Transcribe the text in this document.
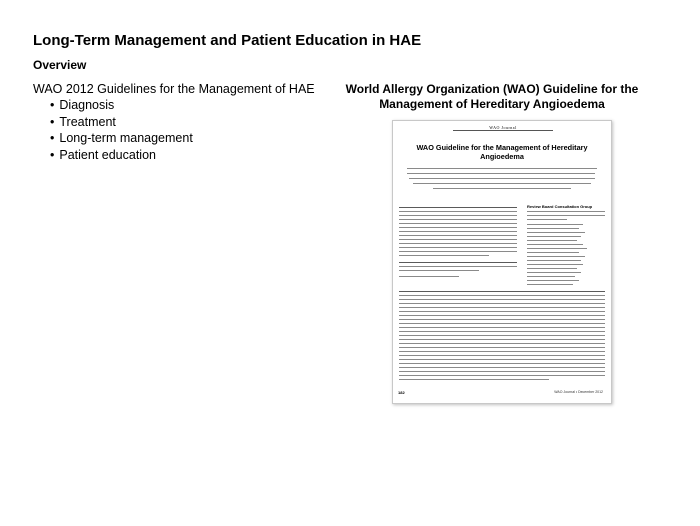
Long-Term Management and Patient Education in HAE
Overview
WAO 2012 Guidelines for the Management of HAE
• Diagnosis
• Treatment
• Long-term management
• Patient education
World Allergy Organization (WAO) Guideline for the
Management of Hereditary Angioedema
WAO Journal
WAO Guideline for the Management of Hereditary
Angioedema
Review Board Consultation Group
182	WAO Journal • December 2012
